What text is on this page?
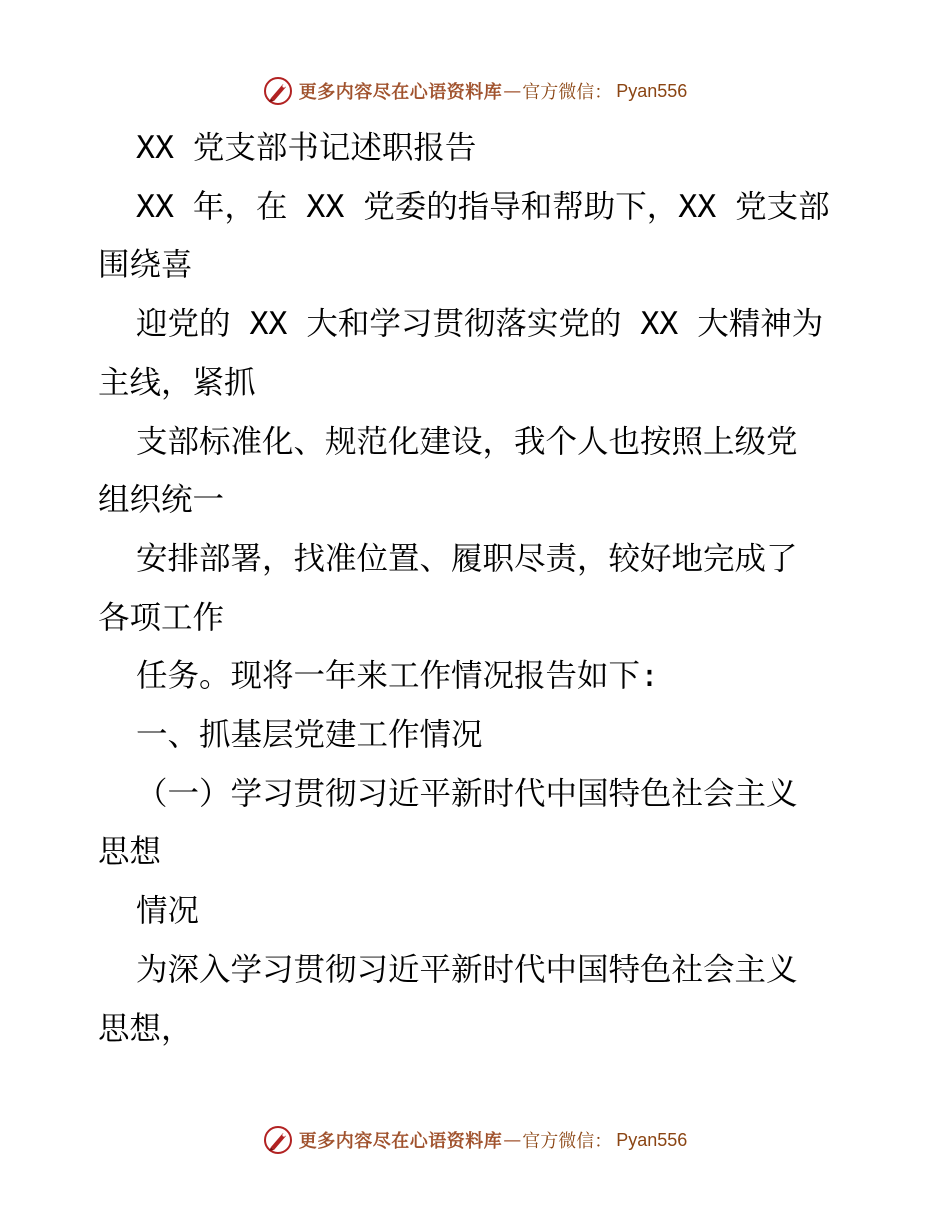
更多内容尽在心语资料库 — 官方微信： Pyan556

XX 党支部书记述职报告

XX 年，在 XX 党委的指导和帮助下，XX 党支部

围绕喜

迎党的 XX 大和学习贯彻落实党的 XX 大精神为

主线，紧抓

支部标准化、规范化建设，我个人也按照上级党

组织统一

安排部署，找准位置、履职尽责，较好地完成了

各项工作

任务。现将一年来工作情况报告如下:

一、抓基层党建工作情况

（一）学习贯彻习近平新时代中国特色社会主义

思想

情况

为深入学习贯彻习近平新时代中国特色社会主义

思想，

更多内容尽在心语资料库 — 官方微信： Pyan556
